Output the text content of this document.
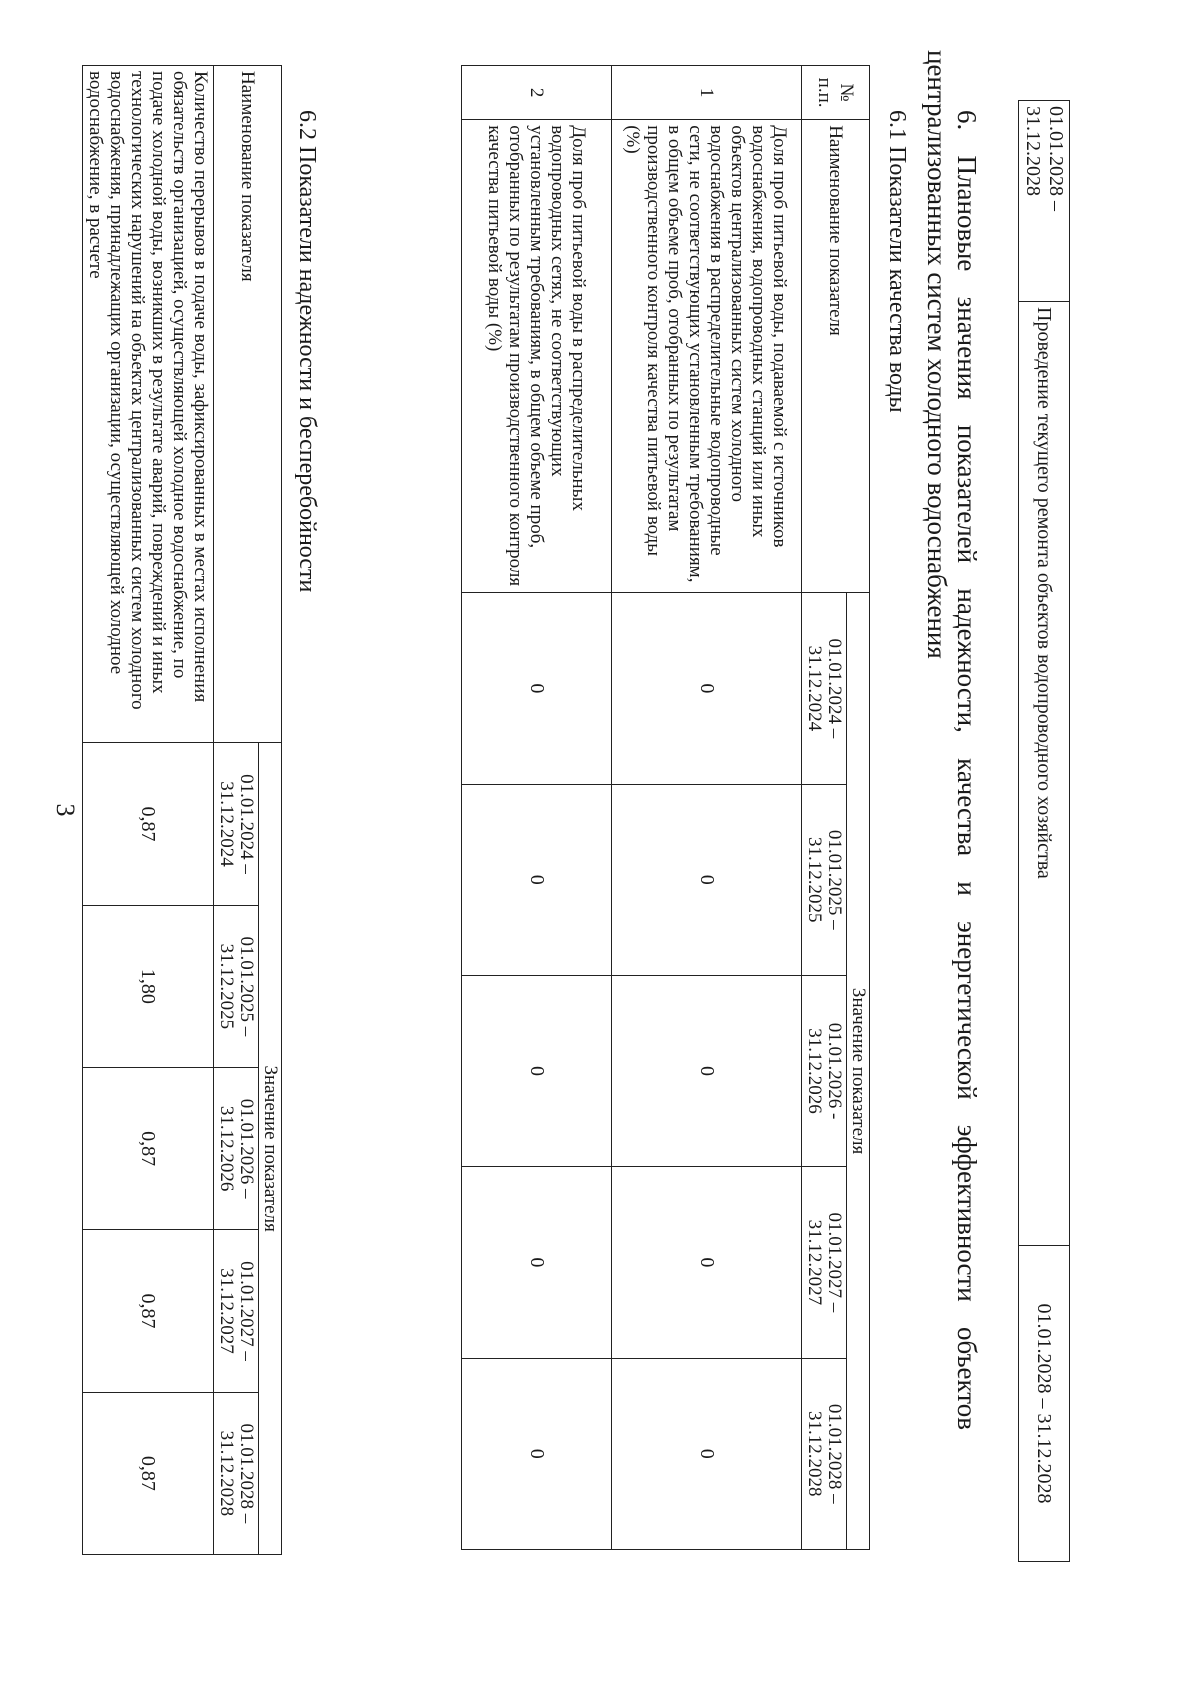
01.01.2028 – 31.12.2028	Проведение текущего ремонта объектов водопроводного хозяйства	01.01.2028 – 31.12.2028
6. Плановые значения показателей надежности, качества и энергетической эффективности объектов
централизованных систем холодного водоснабжения
6.1 Показатели качества воды
№ п.п.	Наименование показателя	Значение показателя				
		01.01.2024 – 31.12.2024	01.01.2025 – 31.12.2025	01.01.2026 - 31.12.2026	01.01.2027 – 31.12.2027	01.01.2028 – 31.12.2028
1	Доля проб питьевой воды, подаваемой с источников водоснабжения, водопроводных станций или иных объектов централизованных систем холодного водоснабжения в распределительные водопроводные сети, не соответствующих установленным требованиям, в общем объеме проб, отобранных по результатам производственного контроля качества питьевой воды (%)	0	0	0	0	0
2	Доля проб питьевой воды в распределительных водопроводных сетях, не соответствующих установленным требованиям, в общем объеме проб, отобранных по результатам производственного контроля качества питьевой воды (%)	0	0	0	0	0
6.2 Показатели надежности и бесперебойности
Наименование показателя	Значение показателя				
	01.01.2024 – 31.12.2024	01.01.2025 – 31.12.2025	01.01.2026 – 31.12.2026	01.01.2027 – 31.12.2027	01.01.2028 – 31.12.2028
Количество перерывов в подаче воды, зафиксированных в местах исполнения обязательств организацией, осуществляющей холодное водоснабжение, по подаче холодной воды, возникших в результате аварий, повреждений и иных технологических нарушений на объектах централизованных систем холодного водоснабжения, принадлежащих организации, осуществляющей холодное водоснабжение, в расчете	0,87	1,80	0,87	0,87	0,87
3
